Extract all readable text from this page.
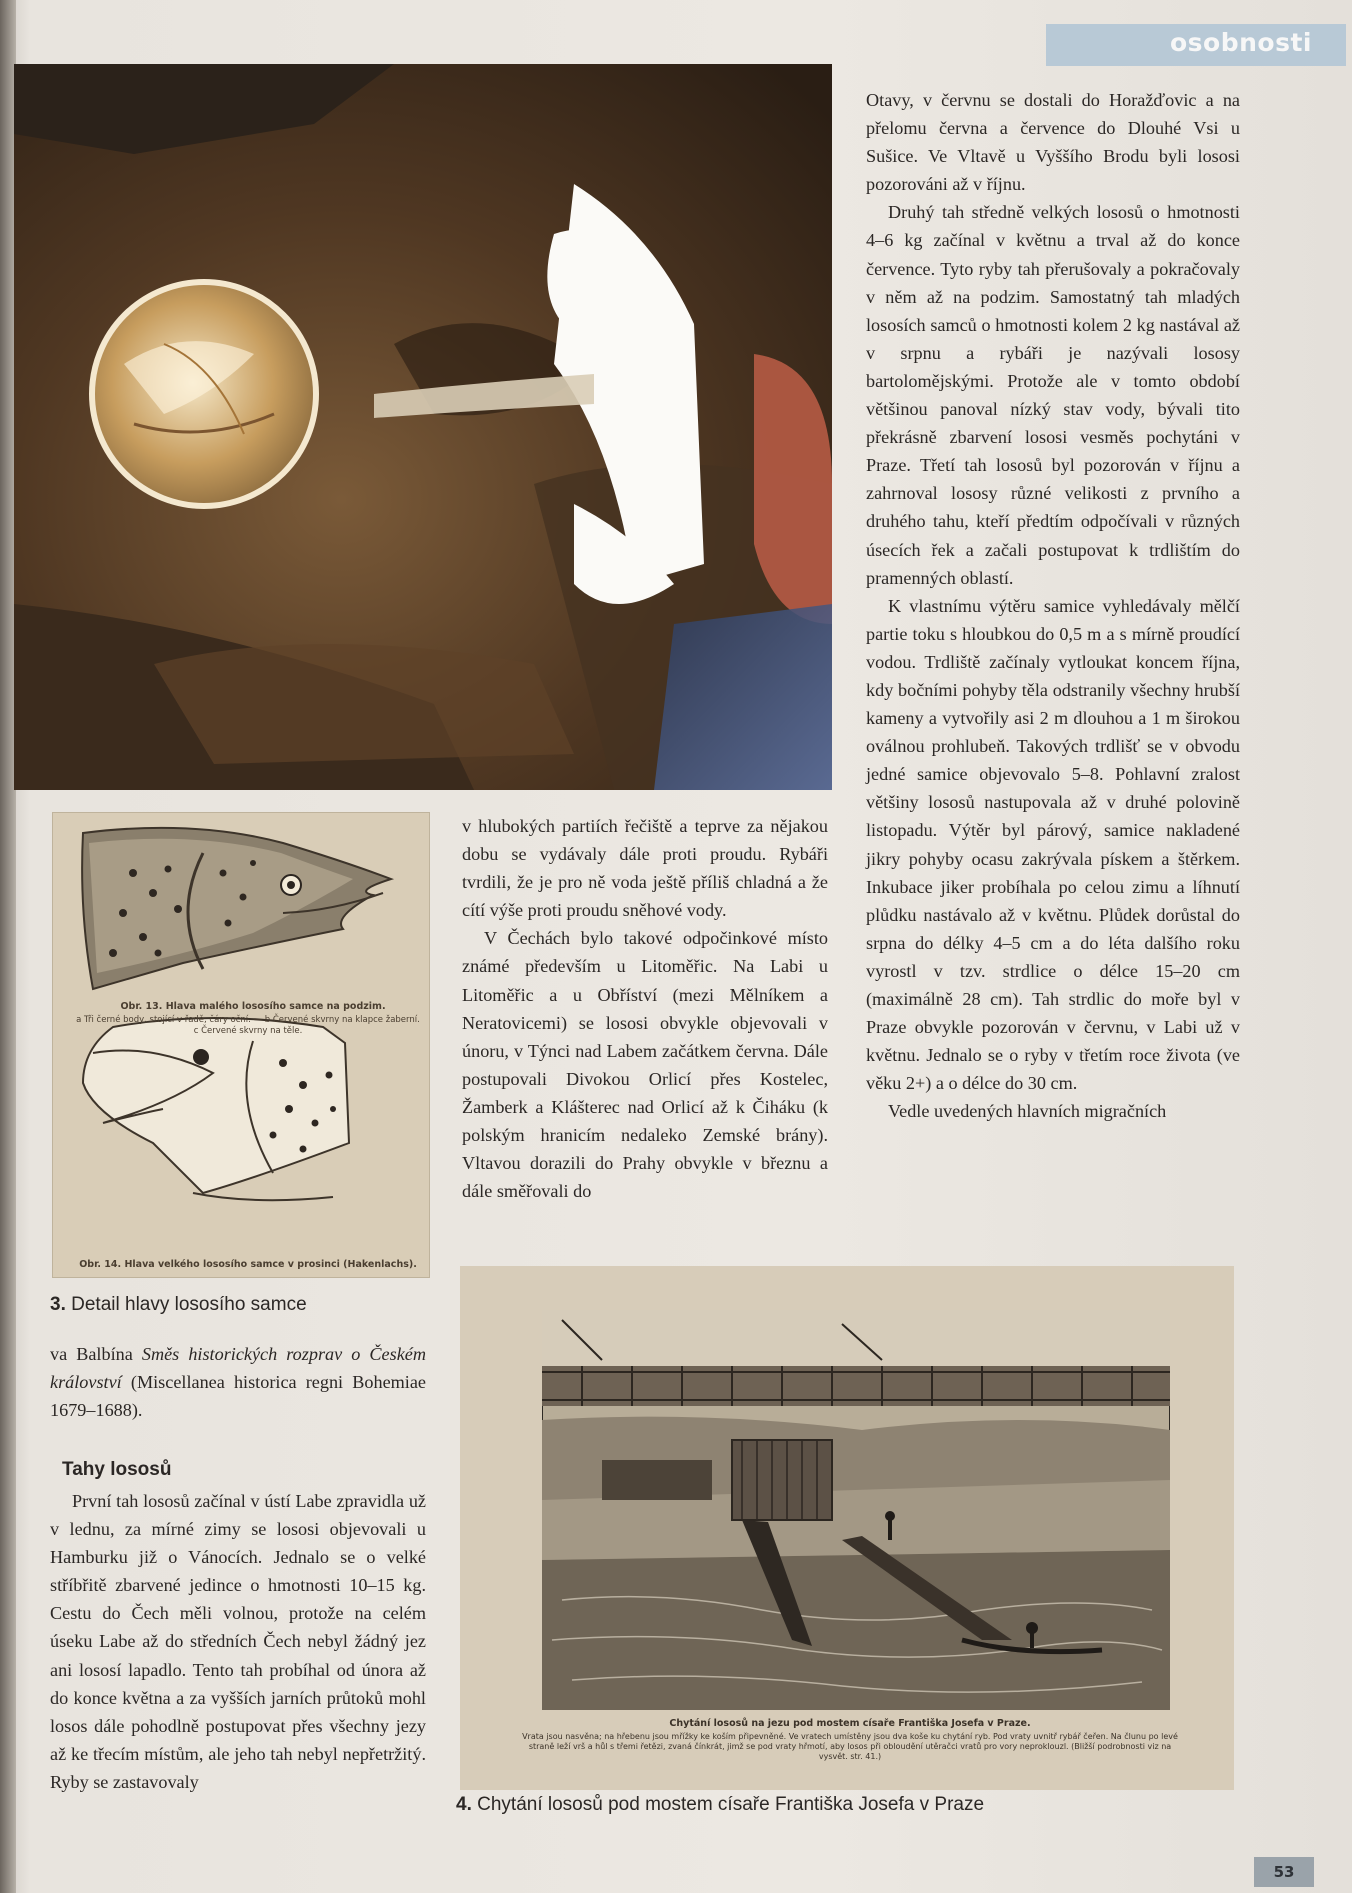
osobnosti
Obr. 13. Hlava malého lososího samce na podzim.
a Tři černé body, stojící v řadě, čáry oční. — b Červené skvrny na klapce žaberní. c Červené skvrny na těle.
Obr. 14. Hlava velkého lososího samce v prosinci (Hakenlachs).
3. Detail hlavy lososího samce
Chytání lososů na jezu pod mostem císaře Františka Josefa v Praze.
Vrata jsou nasvěna; na hřebenu jsou mřížky ke koším připevněné. Ve vratech umístěny jsou dva koše ku chytání ryb. Pod vraty uvnitř rybář čeřen. Na člunu po levé straně leží vrš a hůl s třemi řetězi, zvaná čínkrát, jimž se pod vraty hřmotí, aby losos při obloudění utěračci vratů pro vory neproklouzl. (Bližší podrobnosti viz na vysvět. str. 41.)
4. Chytání lososů pod mostem císaře Františka Josefa v Praze

Otavy, v červnu se dostali do Horažďovic a na přelomu června a července do Dlouhé Vsi u Sušice. Ve Vltavě u Vyššího Brodu byli lososi pozorováni až v říjnu.

Druhý tah středně velkých lososů o hmotnosti 4–6 kg začínal v květnu a trval až do konce července. Tyto ryby tah přerušovaly a pokračovaly v něm až na podzim. Samostatný tah mladých lososích samců o hmotnosti kolem 2 kg nastával až v srpnu a rybáři je nazývali lososy bartolomějskými. Protože ale v tomto období většinou panoval nízký stav vody, bývali tito překrásně zbarvení lososi vesměs pochytáni v Praze. Třetí tah lososů byl pozorován v říjnu a zahrnoval lososy různé velikosti z prvního a druhého tahu, kteří předtím odpočívali v různých úsecích řek a začali postupovat k trdlištím do pramenných oblastí.

K vlastnímu výtěru samice vyhledávaly mělčí partie toku s hloubkou do 0,5 m a s mírně proudící vodou. Trdliště začínaly vytloukat koncem října, kdy bočními pohyby těla odstranily všechny hrubší kameny a vytvořily asi 2 m dlouhou a 1 m širokou oválnou prohlubeň. Takových trdlišť se v obvodu jedné samice objevovalo 5–8. Pohlavní zralost většiny lososů nastupovala až v druhé polovině listopadu. Výtěr byl párový, samice nakladené jikry pohyby ocasu zakrývala pískem a štěrkem. Inkubace jiker probíhala po celou zimu a líhnutí plůdku nastávalo až v květnu. Plůdek dorůstal do srpna do délky 4–5 cm a do léta dalšího roku vyrostl v tzv. strdlice o délce 15–20 cm (maximálně 28 cm). Tah strdlic do moře byl v Praze obvykle pozorován v červnu, v Labi už v květnu. Jednalo se o ryby v třetím roce života (ve věku 2+) a o délce do 30 cm.

Vedle uvedených hlavních migračních

v hlubokých partiích řečiště a teprve za nějakou dobu se vydávaly dále proti proudu. Rybáři tvrdili, že je pro ně voda ještě příliš chladná a že cítí výše proti proudu sněhové vody.

V Čechách bylo takové odpočinkové místo známé především u Litoměřic. Na Labi u Litoměřic a u Obříství (mezi Mělníkem a Neratovicemi) se lososi obvykle objevovali v únoru, v Týnci nad Labem začátkem června. Dále postupovali Divokou Orlicí přes Kostelec, Žamberk a Klášterec nad Orlicí až k Čiháku (k polským hranicím nedaleko Zemské brány). Vltavou dorazili do Prahy obvykle v březnu a dále směřovali do

va Balbína Směs historických rozprav o Českém království (Miscellanea historica regni Bohemiae 1679–1688).

Tahy lososů

První tah lososů začínal v ústí Labe zpravidla už v lednu, za mírné zimy se lososi objevovali u Hamburku již o Vánocích. Jednalo se o velké stříbřitě zbarvené jedince o hmotnosti 10–15 kg. Cestu do Čech měli volnou, protože na celém úseku Labe až do středních Čech nebyl žádný jez ani lososí lapadlo. Tento tah probíhal od února až do konce května a za vyšších jarních průtoků mohl losos dále pohodlně postupovat přes všechny jezy až ke třecím místům, ale jeho tah nebyl nepřetržitý. Ryby se zastavovaly

53
